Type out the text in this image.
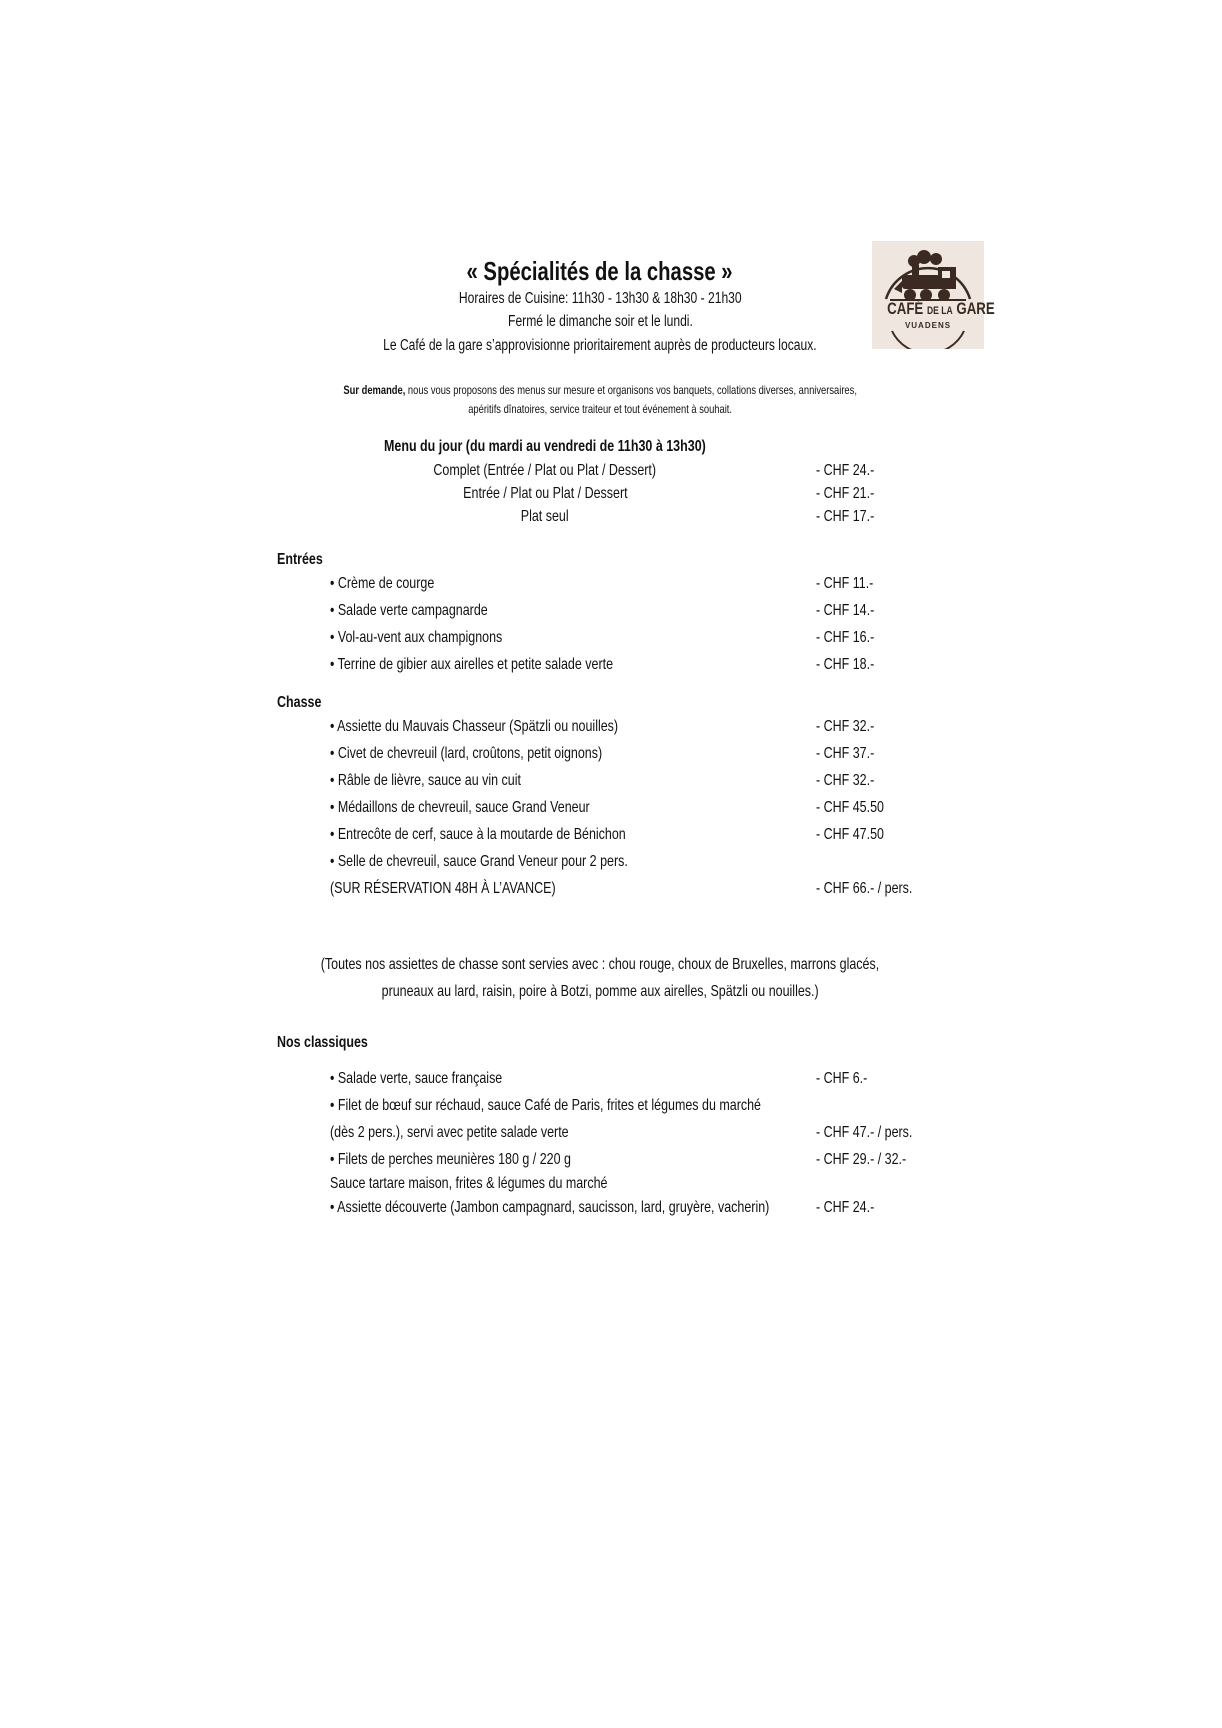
« Spécialités de la chasse »
Horaires de Cuisine: 11h30 - 13h30 & 18h30 - 21h30
Fermé le dimanche soir et le lundi.
Le Café de la gare s’approvisionne prioritairement auprès de producteurs locaux.
CAFÉ DE LA GARE
VUADENS
Sur demande, nous vous proposons des menus sur mesure et organisons vos banquets, collations diverses, anniversaires,
apéritifs dînatoires, service traiteur et tout événement à souhait.
Menu du jour (du mardi au vendredi de 11h30 à 13h30)
Complet (Entrée / Plat ou Plat / Dessert)	- CHF 24.-
Entrée / Plat ou Plat / Dessert	- CHF 21.-
Plat seul	- CHF 17.-
Entrées
• Crème de courge	- CHF 11.-
• Salade verte campagnarde	- CHF 14.-
• Vol-au-vent aux champignons	- CHF 16.-
• Terrine de gibier aux airelles et petite salade verte	- CHF 18.-
Chasse
• Assiette du Mauvais Chasseur (Spätzli ou nouilles)	- CHF 32.-
• Civet de chevreuil (lard, croûtons, petit oignons)	- CHF 37.-
• Râble de lièvre, sauce au vin cuit	- CHF 32.-
• Médaillons de chevreuil, sauce Grand Veneur	- CHF 45.50
• Entrecôte de cerf, sauce à la moutarde de Bénichon	- CHF 47.50
• Selle de chevreuil, sauce Grand Veneur pour 2 pers.
(SUR RÉSERVATION 48H À L’AVANCE)	- CHF 66.- / pers.
(Toutes nos assiettes de chasse sont servies avec : chou rouge, choux de Bruxelles, marrons glacés,
pruneaux au lard, raisin, poire à Botzi, pomme aux airelles, Spätzli ou nouilles.)
Nos classiques
• Salade verte, sauce française	- CHF 6.-
• Filet de bœuf sur réchaud, sauce Café de Paris, frites et légumes du marché
(dès 2 pers.), servi avec petite salade verte	- CHF 47.- / pers.
• Filets de perches meunières 180 g / 220 g	- CHF 29.- / 32.-
Sauce tartare maison, frites & légumes du marché
• Assiette découverte (Jambon campagnard, saucisson, lard, gruyère, vacherin)	- CHF 24.-
